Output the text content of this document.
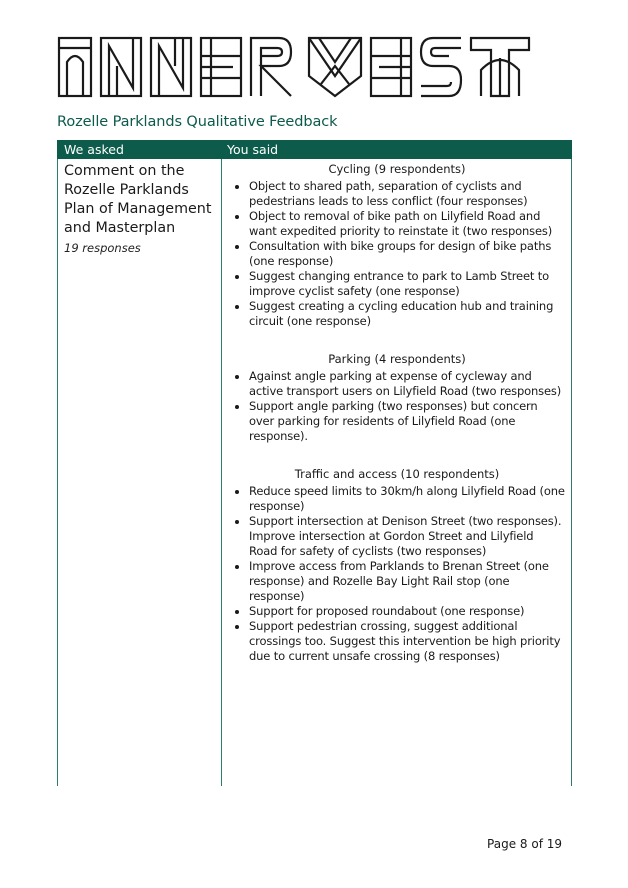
Rozelle Parklands Qualitative Feedback
We asked	You said
Comment on the Rozelle Parklands Plan of Management and Masterplan
19 responses
Cycling (9 respondents)
• Object to shared path, separation of cyclists and pedestrians leads to less conflict (four responses)
• Object to removal of bike path on Lilyfield Road and want expedited priority to reinstate it (two responses)
• Consultation with bike groups for design of bike paths (one response)
• Suggest changing entrance to park to Lamb Street to improve cyclist safety (one response)
• Suggest creating a cycling education hub and training circuit (one response)
Parking (4 respondents)
• Against angle parking at expense of cycleway and active transport users on Lilyfield Road (two responses)
• Support angle parking (two responses) but concern over parking for residents of Lilyfield Road (one response).
Traffic and access (10 respondents)
• Reduce speed limits to 30km/h along Lilyfield Road (one response)
• Support intersection at Denison Street (two responses). Improve intersection at Gordon Street and Lilyfield Road for safety of cyclists (two responses)
• Improve access from Parklands to Brenan Street (one response) and Rozelle Bay Light Rail stop (one response)
• Support for proposed roundabout (one response)
• Support pedestrian crossing, suggest additional crossings too. Suggest this intervention be high priority due to current unsafe crossing (8 responses)
Page 8 of 19
